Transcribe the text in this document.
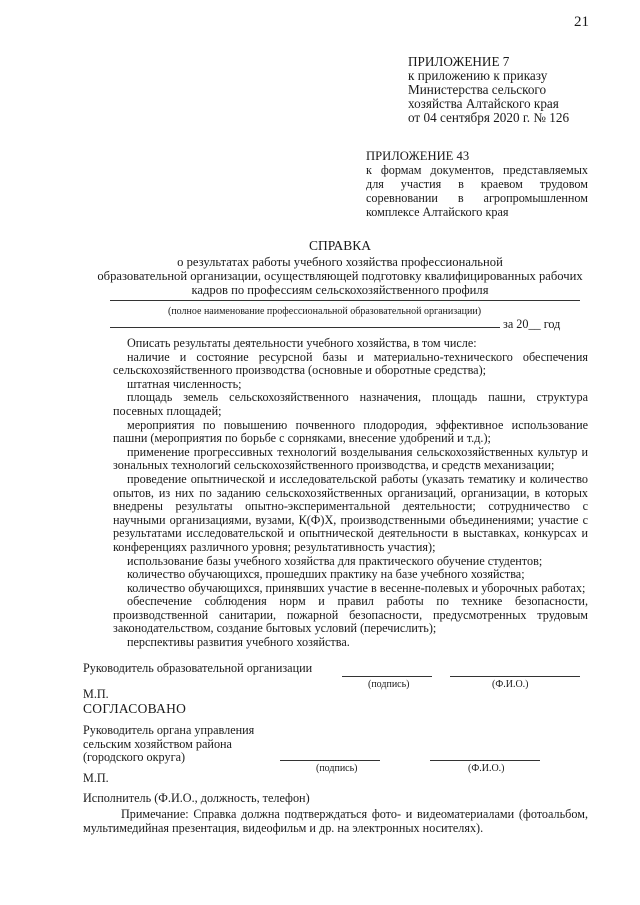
21
ПРИЛОЖЕНИЕ 7
к приложению к приказу
Министерства сельского
хозяйства Алтайского края
от 04 сентября 2020 г. № 126
ПРИЛОЖЕНИЕ 43
к формам документов, представляемых для участия в краевом трудовом соревновании в агропромышленном комплексе Алтайского края
СПРАВКА
о результатах работы учебного хозяйства профессиональной
образовательной организации, осуществляющей подготовку квалифицированных рабочих
кадров по профессиям сельскохозяйственного профиля
(полное наименование профессиональной образовательной организации)
за 20__ год

Описать результаты деятельности учебного хозяйства, в том числе:

наличие и состояние ресурсной базы и материально-технического обеспечения сельскохозяйственного производства (основные и оборотные средства);

штатная численность;

площадь земель сельскохозяйственного назначения, площадь пашни, структура посевных площадей;

мероприятия по повышению почвенного плодородия, эффективное использование пашни (мероприятия по борьбе с сорняками, внесение удобрений и т.д.);

применение прогрессивных технологий возделывания сельскохозяйственных культур и зональных технологий сельскохозяйственного производства, и средств механизации;

проведение опытнической и исследовательской работы (указать тематику и количество опытов, из них по заданию сельскохозяйственных организаций, организации, в которых внедрены результаты опытно-экспериментальной деятельности; сотрудничество с научными организациями, вузами, К(Ф)Х, производственными объединениями; участие с результатами исследовательской и опытнической деятельности в выставках, конкурсах и конференциях различного уровня; результативность участия);

использование базы учебного хозяйства для практического обучение студентов;

количество обучающихся, прошедших практику на базе учебного хозяйства;

количество обучающихся, принявших участие в весенне-полевых и уборочных работах;

обеспечение соблюдения норм и правил работы по технике безопасности, производственной санитарии, пожарной безопасности, предусмотренных трудовым законодательством, создание бытовых условий (перечислить);

перспективы развития учебного хозяйства.

Руководитель образовательной организации
(подпись)	(Ф.И.О.)
М.П.
СОГЛАСОВАНО
Руководитель органа управления
сельским хозяйством района
(городского округа)
(подпись)	(Ф.И.О.)
М.П.
Исполнитель (Ф.И.О., должность, телефон)
Примечание: Справка должна подтверждаться фото- и видеоматериалами (фотоальбом, мультимедийная презентация, видеофильм и др. на электронных носителях).
